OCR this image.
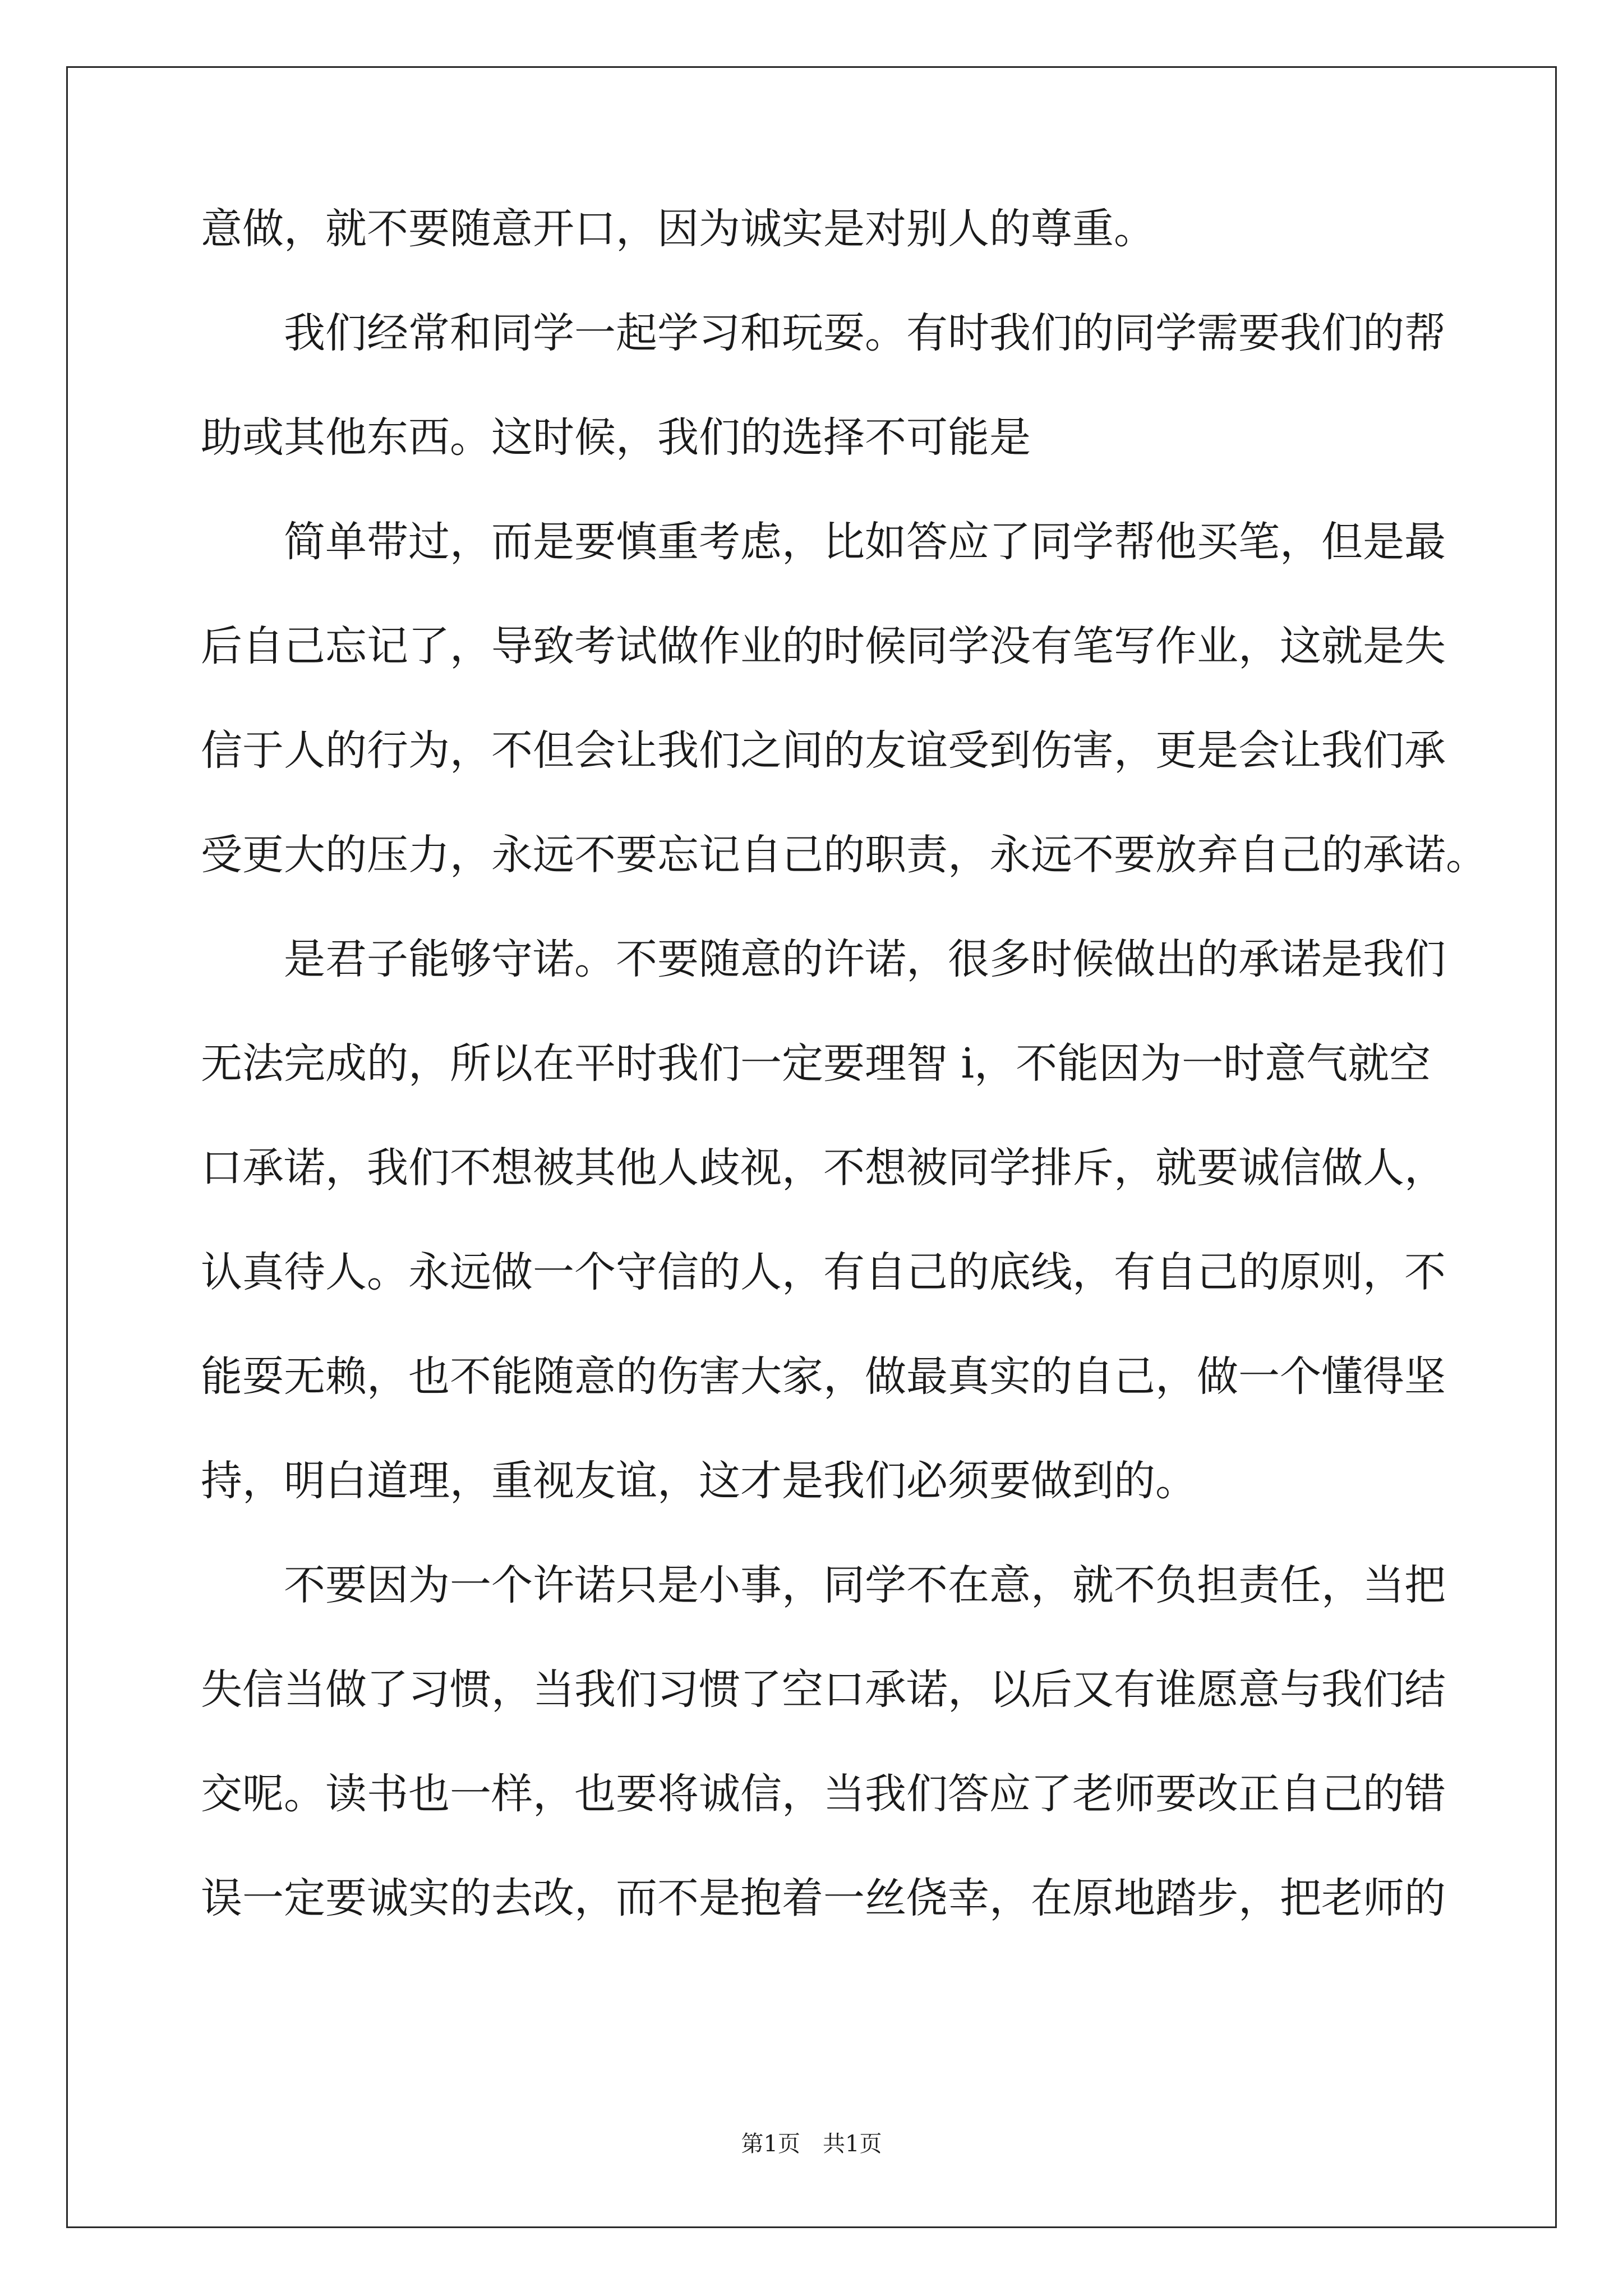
意做，就不要随意开口，因为诚实是对别人的尊重。
我们经常和同学一起学习和玩耍。有时我们的同学需要我们的帮
助或其他东西。这时候，我们的选择不可能是
简单带过，而是要慎重考虑，比如答应了同学帮他买笔，但是最
后自己忘记了，导致考试做作业的时候同学没有笔写作业，这就是失
信于人的行为，不但会让我们之间的友谊受到伤害，更是会让我们承
受更大的压力，永远不要忘记自己的职责，永远不要放弃自己的承诺。
是君子能够守诺。不要随意的许诺，很多时候做出的承诺是我们
无法完成的，所以在平时我们一定要理智 i，不能因为一时意气就空
口承诺，我们不想被其他人歧视，不想被同学排斥，就要诚信做人，
认真待人。永远做一个守信的人，有自己的底线，有自己的原则，不
能耍无赖，也不能随意的伤害大家，做最真实的自己，做一个懂得坚
持，明白道理，重视友谊，这才是我们必须要做到的。
不要因为一个许诺只是小事，同学不在意，就不负担责任，当把
失信当做了习惯，当我们习惯了空口承诺，以后又有谁愿意与我们结
交呢。读书也一样，也要将诚信，当我们答应了老师要改正自己的错
误一定要诚实的去改，而不是抱着一丝侥幸，在原地踏步，把老师的
第1页　共1页
